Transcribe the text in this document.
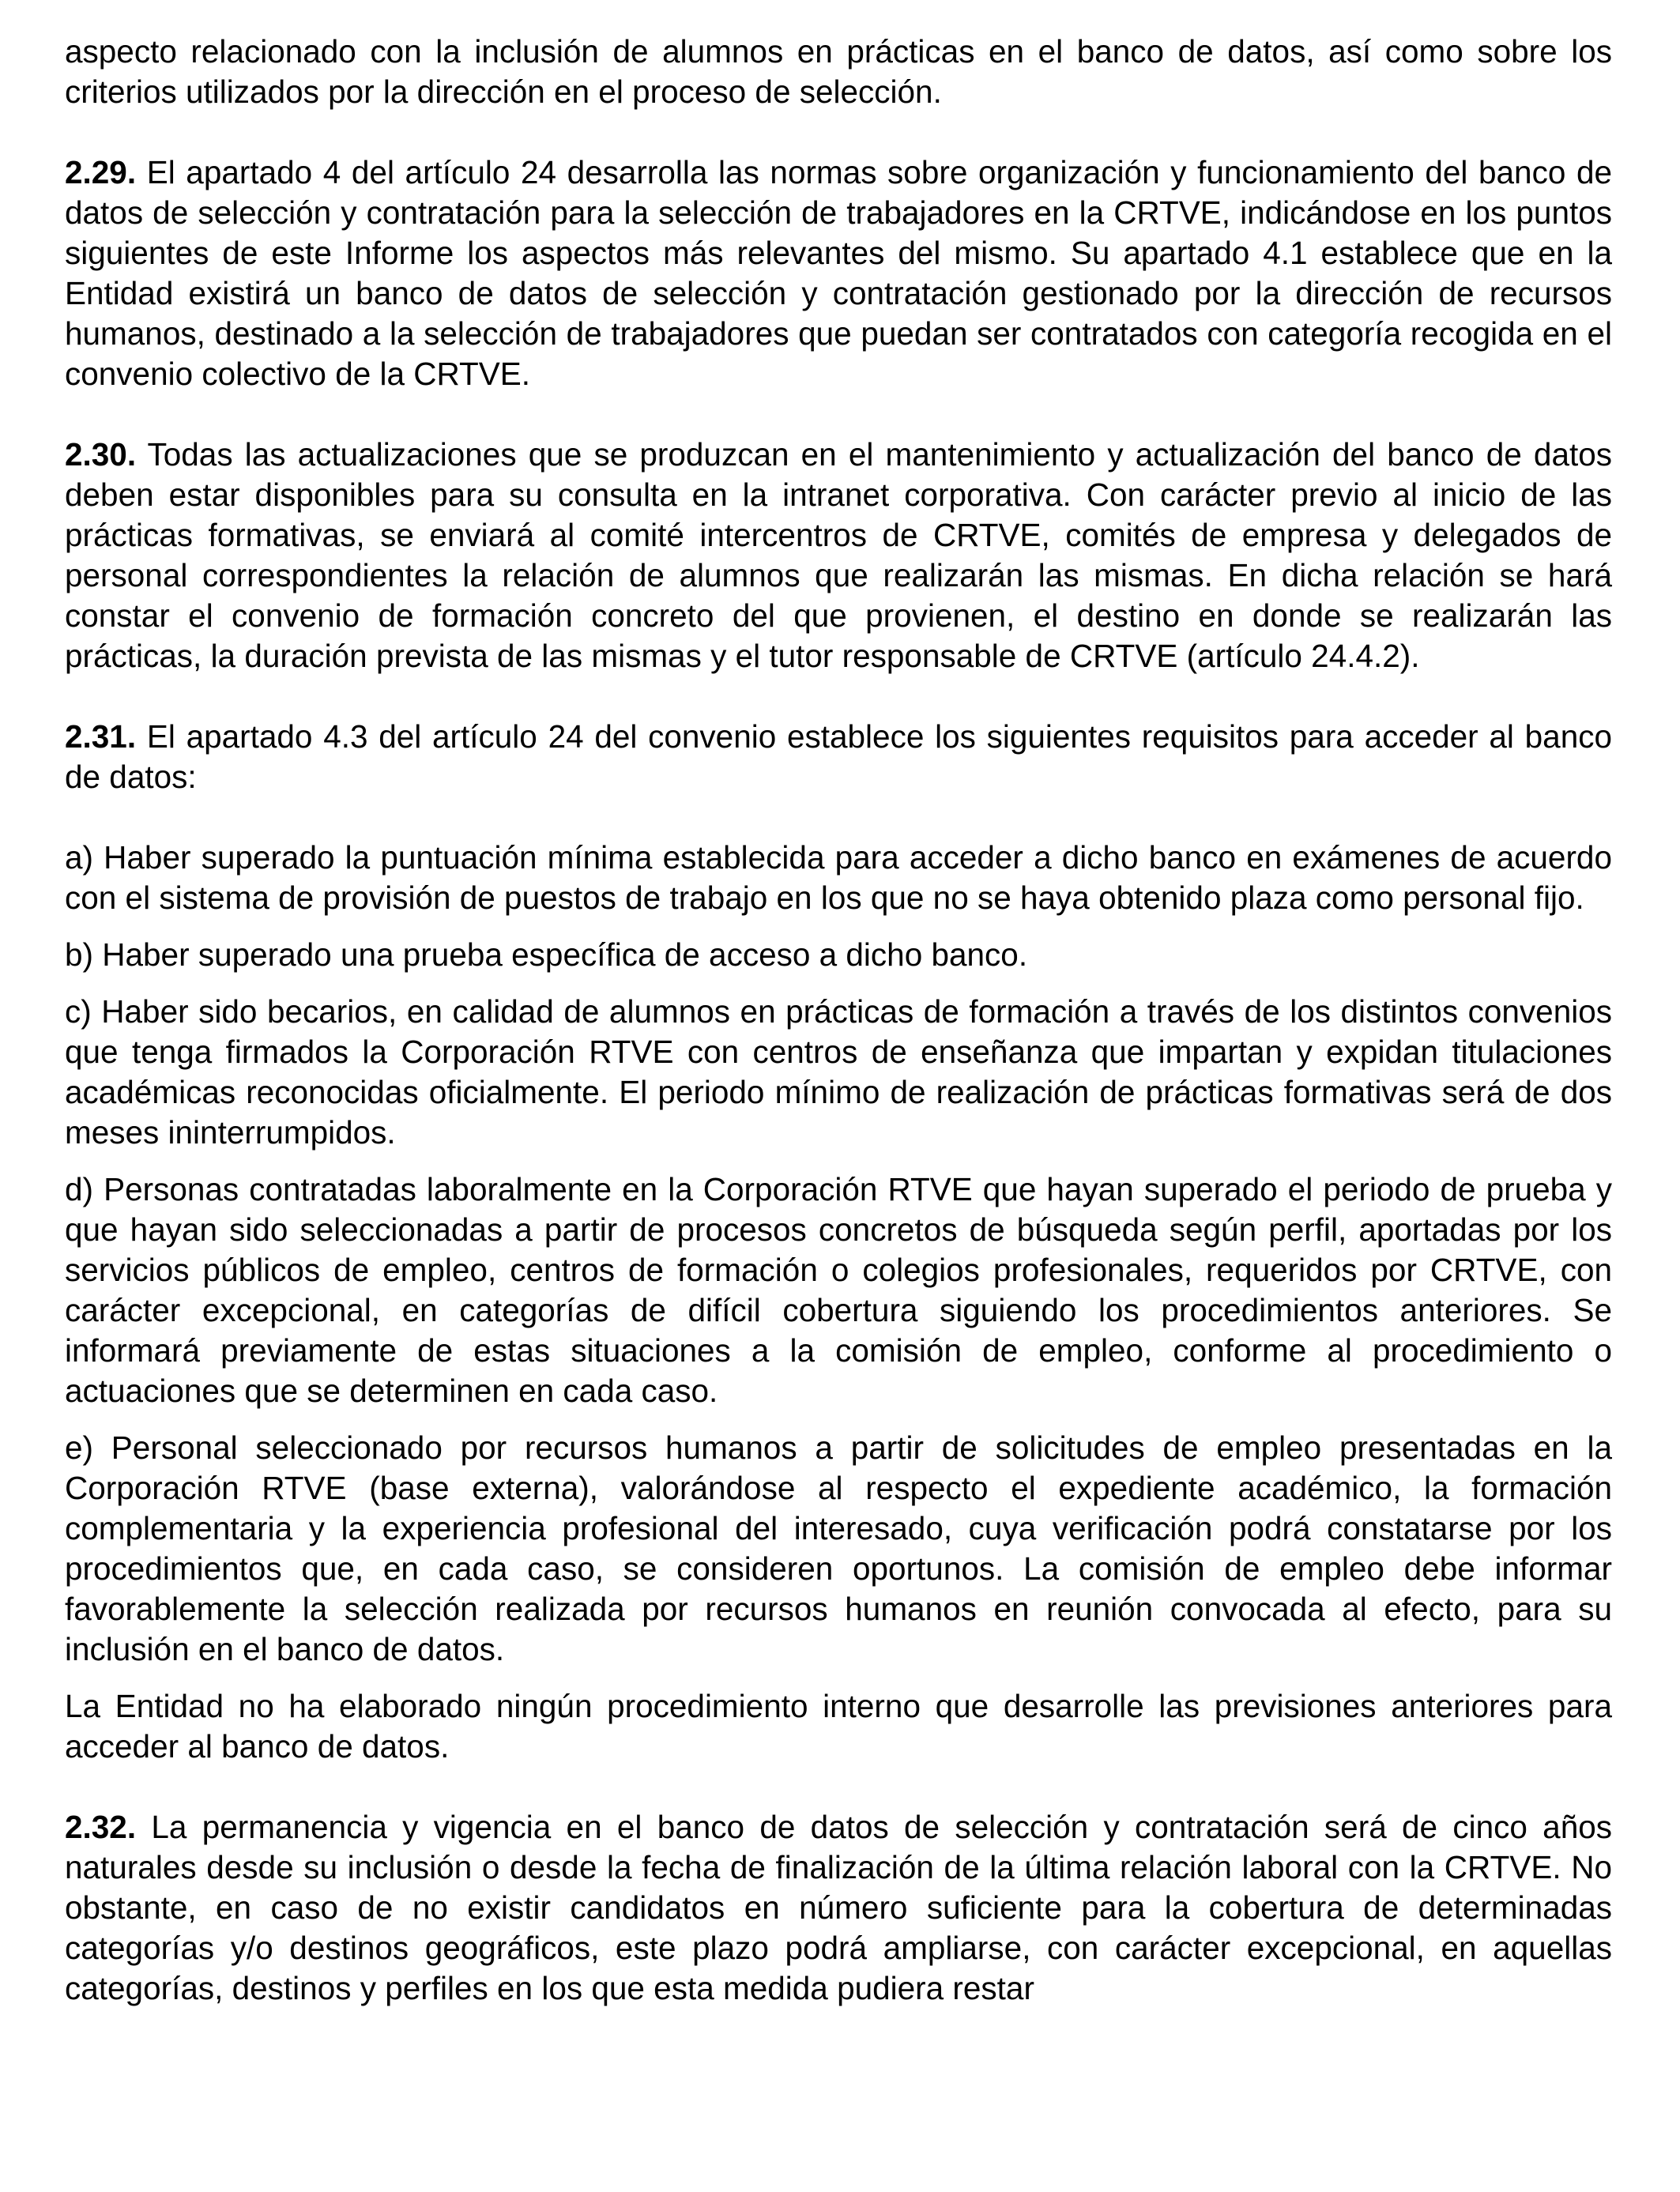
aspecto relacionado con la inclusión de alumnos en prácticas en el banco de datos, así como sobre los criterios utilizados por la dirección en el proceso de selección.

2.29. El apartado 4 del artículo 24 desarrolla las normas sobre organización y funcionamiento del banco de datos de selección y contratación para la selección de trabajadores en la CRTVE, indicándose en los puntos siguientes de este Informe los aspectos más relevantes del mismo. Su apartado 4.1 establece que en la Entidad existirá un banco de datos de selección y contratación gestionado por la dirección de recursos humanos, destinado a la selección de trabajadores que puedan ser contratados con categoría recogida en el convenio colectivo de la CRTVE.

2.30. Todas las actualizaciones que se produzcan en el mantenimiento y actualización del banco de datos deben estar disponibles para su consulta en la intranet corporativa. Con carácter previo al inicio de las prácticas formativas, se enviará al comité intercentros de CRTVE, comités de empresa y delegados de personal correspondientes la relación de alumnos que realizarán las mismas. En dicha relación se hará constar el convenio de formación concreto del que provienen, el destino en donde se realizarán las prácticas, la duración prevista de las mismas y el tutor responsable de CRTVE (artículo 24.4.2).

2.31. El apartado 4.3 del artículo 24 del convenio establece los siguientes requisitos para acceder al banco de datos:

a) Haber superado la puntuación mínima establecida para acceder a dicho banco en exámenes de acuerdo con el sistema de provisión de puestos de trabajo en los que no se haya obtenido plaza como personal fijo.

b) Haber superado una prueba específica de acceso a dicho banco.

c) Haber sido becarios, en calidad de alumnos en prácticas de formación a través de los distintos convenios que tenga firmados la Corporación RTVE con centros de enseñanza que impartan y expidan titulaciones académicas reconocidas oficialmente. El periodo mínimo de realización de prácticas formativas será de dos meses ininterrumpidos.

d) Personas contratadas laboralmente en la Corporación RTVE que hayan superado el periodo de prueba y que hayan sido seleccionadas a partir de procesos concretos de búsqueda según perfil, aportadas por los servicios públicos de empleo, centros de formación o colegios profesionales, requeridos por CRTVE, con carácter excepcional, en categorías de difícil cobertura siguiendo los procedimientos anteriores. Se informará previamente de estas situaciones a la comisión de empleo, conforme al procedimiento o actuaciones que se determinen en cada caso.

e) Personal seleccionado por recursos humanos a partir de solicitudes de empleo presentadas en la Corporación RTVE (base externa), valorándose al respecto el expediente académico, la formación complementaria y la experiencia profesional del interesado, cuya verificación podrá constatarse por los procedimientos que, en cada caso, se consideren oportunos. La comisión de empleo debe informar favorablemente la selección realizada por recursos humanos en reunión convocada al efecto, para su inclusión en el banco de datos.

La Entidad no ha elaborado ningún procedimiento interno que desarrolle las previsiones anteriores para acceder al banco de datos.

2.32. La permanencia y vigencia en el banco de datos de selección y contratación será de cinco años naturales desde su inclusión o desde la fecha de finalización de la última relación laboral con la CRTVE. No obstante, en caso de no existir candidatos en número suficiente para la cobertura de determinadas categorías y/o destinos geográficos, este plazo podrá ampliarse, con carácter excepcional, en aquellas categorías, destinos y perfiles en los que esta medida pudiera restar
